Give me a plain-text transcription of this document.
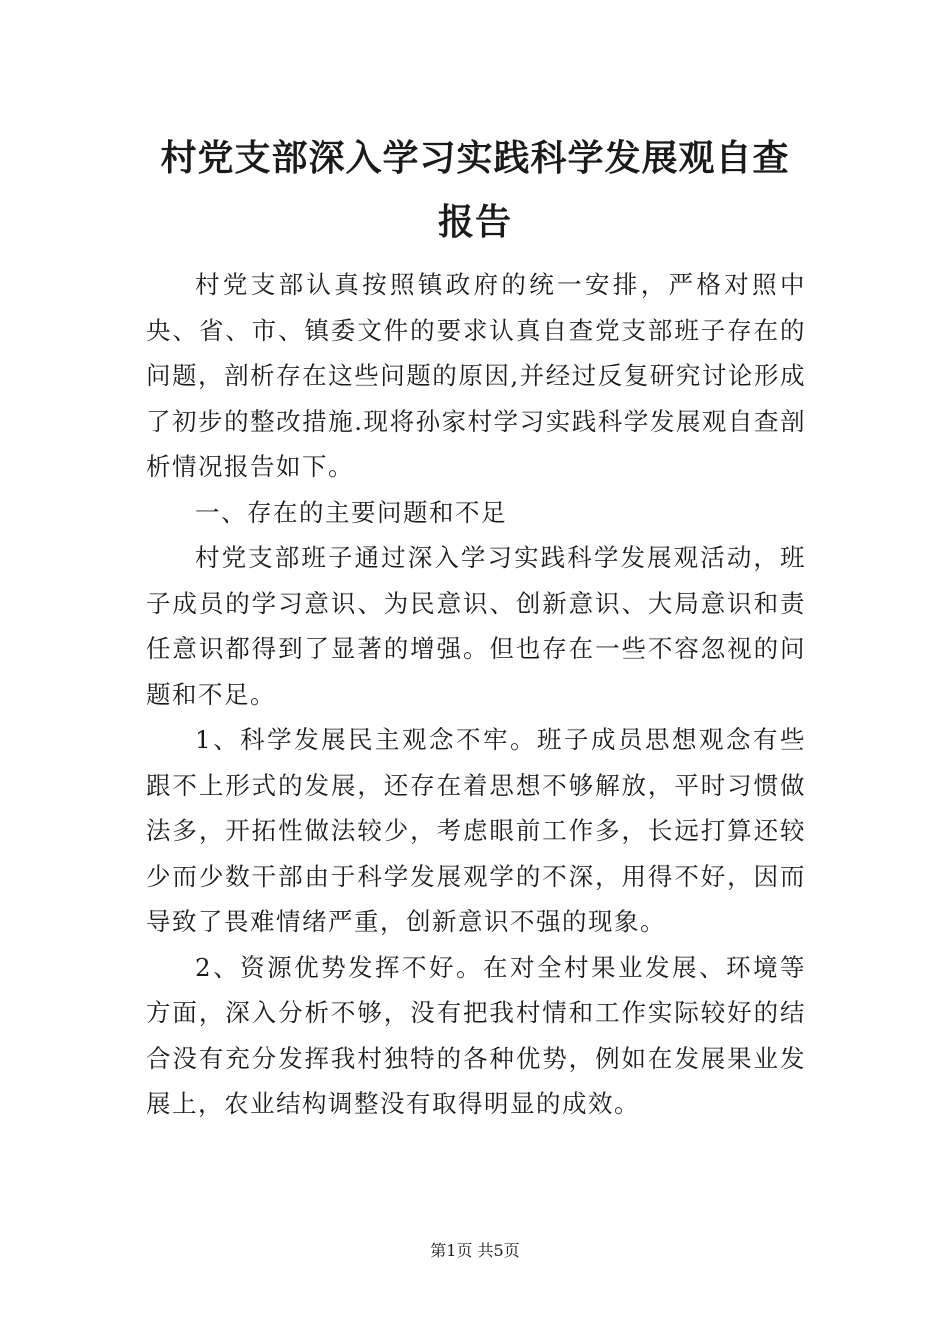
村党支部深入学习实践科学发展观自查
报告

村党支部认真按照镇政府的统一安排，严格对照中央、省、市、镇委文件的要求认真自查党支部班子存在的问题，剖析存在这些问题的原因,并经过反复研究讨论形成了初步的整改措施.现将孙家村学习实践科学发展观自查剖析情况报告如下。

一、存在的主要问题和不足

村党支部班子通过深入学习实践科学发展观活动，班子成员的学习意识、为民意识、创新意识、大局意识和责任意识都得到了显著的增强。但也存在一些不容忽视的问题和不足。

1、科学发展民主观念不牢。班子成员思想观念有些跟不上形式的发展，还存在着思想不够解放，平时习惯做法多，开拓性做法较少，考虑眼前工作多，长远打算还较少而少数干部由于科学发展观学的不深，用得不好，因而导致了畏难情绪严重，创新意识不强的现象。

2、资源优势发挥不好。在对全村果业发展、环境等方面，深入分析不够，没有把我村情和工作实际较好的结合没有充分发挥我村独特的各种优势，例如在发展果业发展上，农业结构调整没有取得明显的成效。

第1页 共5页
